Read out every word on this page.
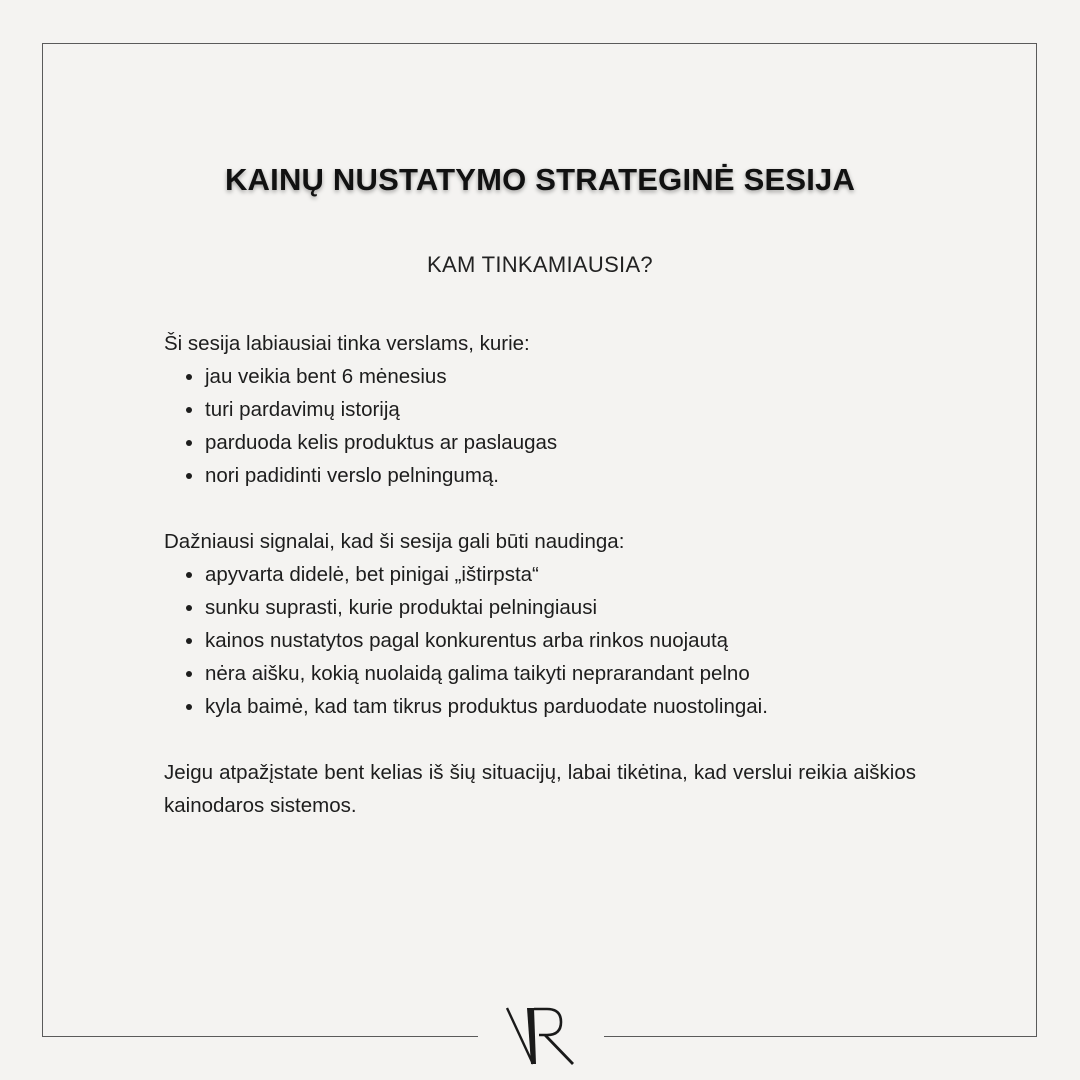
KAINŲ NUSTATYMO STRATEGINĖ SESIJA
KAM TINKAMIAUSIA?

Ši sesija labiausiai tinka verslams, kurie:

jau veikia bent 6 mėnesius
turi pardavimų istoriją
parduoda kelis produktus ar paslaugas
nori padidinti verslo pelningumą.

Dažniausi signalai, kad ši sesija gali būti naudinga:

apyvarta didelė, bet pinigai „ištirpsta“
sunku suprasti, kurie produktai pelningiausi
kainos nustatytos pagal konkurentus arba rinkos nuojautą
nėra aišku, kokią nuolaidą galima taikyti neprarandant pelno
kyla baimė, kad tam tikrus produktus parduodate nuostolingai.

Jeigu atpažįstate bent kelias iš šių situacijų, labai tikėtina, kad verslui reikia aiškios kainodaros sistemos.
